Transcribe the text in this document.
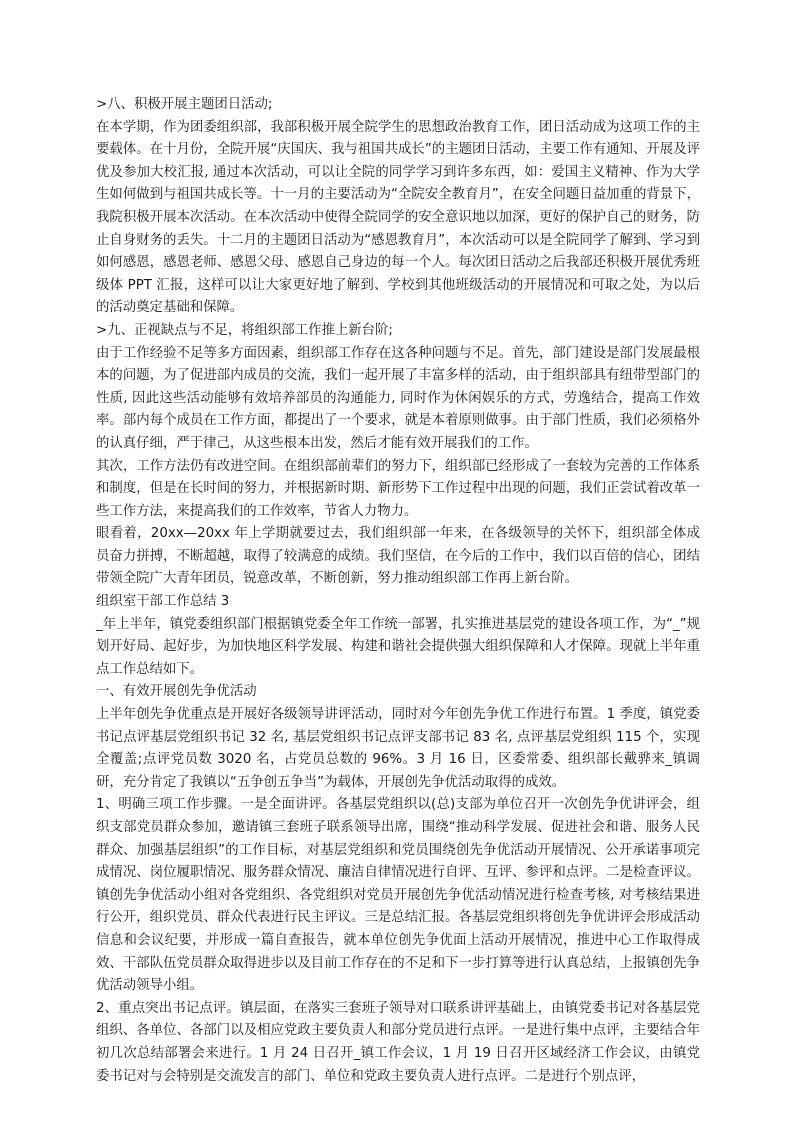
>八、积极开展主题团日活动;

在本学期，作为团委组织部，我部积极开展全院学生的思想政治教育工作，团日活动成为这项工作的主要载体。在十月份，全院开展“庆国庆、我与祖国共成长”的主题团日活动，主要工作有通知、开展及评优及参加大校汇报, 通过本次活动，可以让全院的同学学习到许多东西，如：爱国主义精神、作为大学生如何做到与祖国共成长等。十一月的主要活动为“全院安全教育月”，在安全问题日益加重的背景下，我院积极开展本次活动。在本次活动中使得全院同学的安全意识地以加深，更好的保护自己的财务，防止自身财务的丢失。十二月的主题团日活动为“感恩教育月”，本次活动可以是全院同学了解到、学习到如何感恩，感恩老师、感恩父母、感恩自己身边的每一个人。每次团日活动之后我部还积极开展优秀班级体 PPT 汇报，这样可以让大家更好地了解到、学校到其他班级活动的开展情况和可取之处，为以后的活动奠定基础和保障。

>九、正视缺点与不足，将组织部工作推上新台阶;

由于工作经验不足等多方面因素，组织部工作存在这各种问题与不足。首先，部门建设是部门发展最根本的问题，为了促进部内成员的交流，我们一起开展了丰富多样的活动，由于组织部具有纽带型部门的性质, 因此这些活动能够有效培养部员的沟通能力, 同时作为休闲娱乐的方式，劳逸结合，提高工作效率。部内每个成员在工作方面，都提出了一个要求，就是本着原则做事。由于部门性质，我们必须格外的认真仔细，严于律己，从这些根本出发，然后才能有效开展我们的工作。

其次，工作方法仍有改进空间。在组织部前辈们的努力下，组织部已经形成了一套较为完善的工作体系和制度，但是在长时间的努力，并根据新时期、新形势下工作过程中出现的问题，我们正尝试着改革一些工作方法，来提高我们的工作效率，节省人力物力。

眼看着，20xx—20xx 年上学期就要过去，我们组织部一年来，在各级领导的关怀下，组织部全体成员奋力拼搏，不断超越，取得了较满意的成绩。我们坚信，在今后的工作中，我们以百倍的信心，团结带领全院广大青年团员，锐意改革，不断创新，努力推动组织部工作再上新台阶。

组织室干部工作总结 3

_年上半年，镇党委组织部门根据镇党委全年工作统一部署，扎实推进基层党的建设各项工作，为“_”规划开好局、起好步，为加快地区科学发展、构建和谐社会提供强大组织保障和人才保障。现就上半年重点工作总结如下。

一、有效开展创先争优活动

上半年创先争优重点是开展好各级领导讲评活动，同时对今年创先争优工作进行布置。1 季度，镇党委书记点评基层党组织书记 32 名, 基层党组织书记点评支部书记 83 名, 点评基层党组织 115 个，实现全覆盖;点评党员数 3020 名，占党员总数的 96%。3 月 16 日，区委常委、组织部长戴骅来_镇调研，充分肯定了我镇以“五争创五争当”为载体，开展创先争优活动取得的成效。

1、明确三项工作步骤。一是全面讲评。各基层党组织以(总)支部为单位召开一次创先争优讲评会，组织支部党员群众参加，邀请镇三套班子联系领导出席，围绕“推动科学发展、促进社会和谐、服务人民群众、加强基层组织”的工作目标，对基层党组织和党员围绕创先争优活动开展情况、公开承诺事项完成情况、岗位履职情况、服务群众情况、廉洁自律情况进行自评、互评、参评和点评。二是检查评议。镇创先争优活动小组对各党组织、各党组织对党员开展创先争优活动情况进行检查考核, 对考核结果进行公开，组织党员、群众代表进行民主评议。三是总结汇报。各基层党组织将创先争优讲评会形成活动信息和会议纪要，并形成一篇自查报告，就本单位创先争优面上活动开展情况，推进中心工作取得成效、干部队伍党员群众取得进步以及目前工作存在的不足和下一步打算等进行认真总结，上报镇创先争优活动领导小组。

2、重点突出书记点评。镇层面，在落实三套班子领导对口联系讲评基础上，由镇党委书记对各基层党组织、各单位、各部门以及相应党政主要负责人和部分党员进行点评。一是进行集中点评，主要结合年初几次总结部署会来进行。1 月 24 日召开_镇工作会议，1 月 19 日召开区域经济工作会议，由镇党委书记对与会特别是交流发言的部门、单位和党政主要负责人进行点评。二是进行个别点评，
